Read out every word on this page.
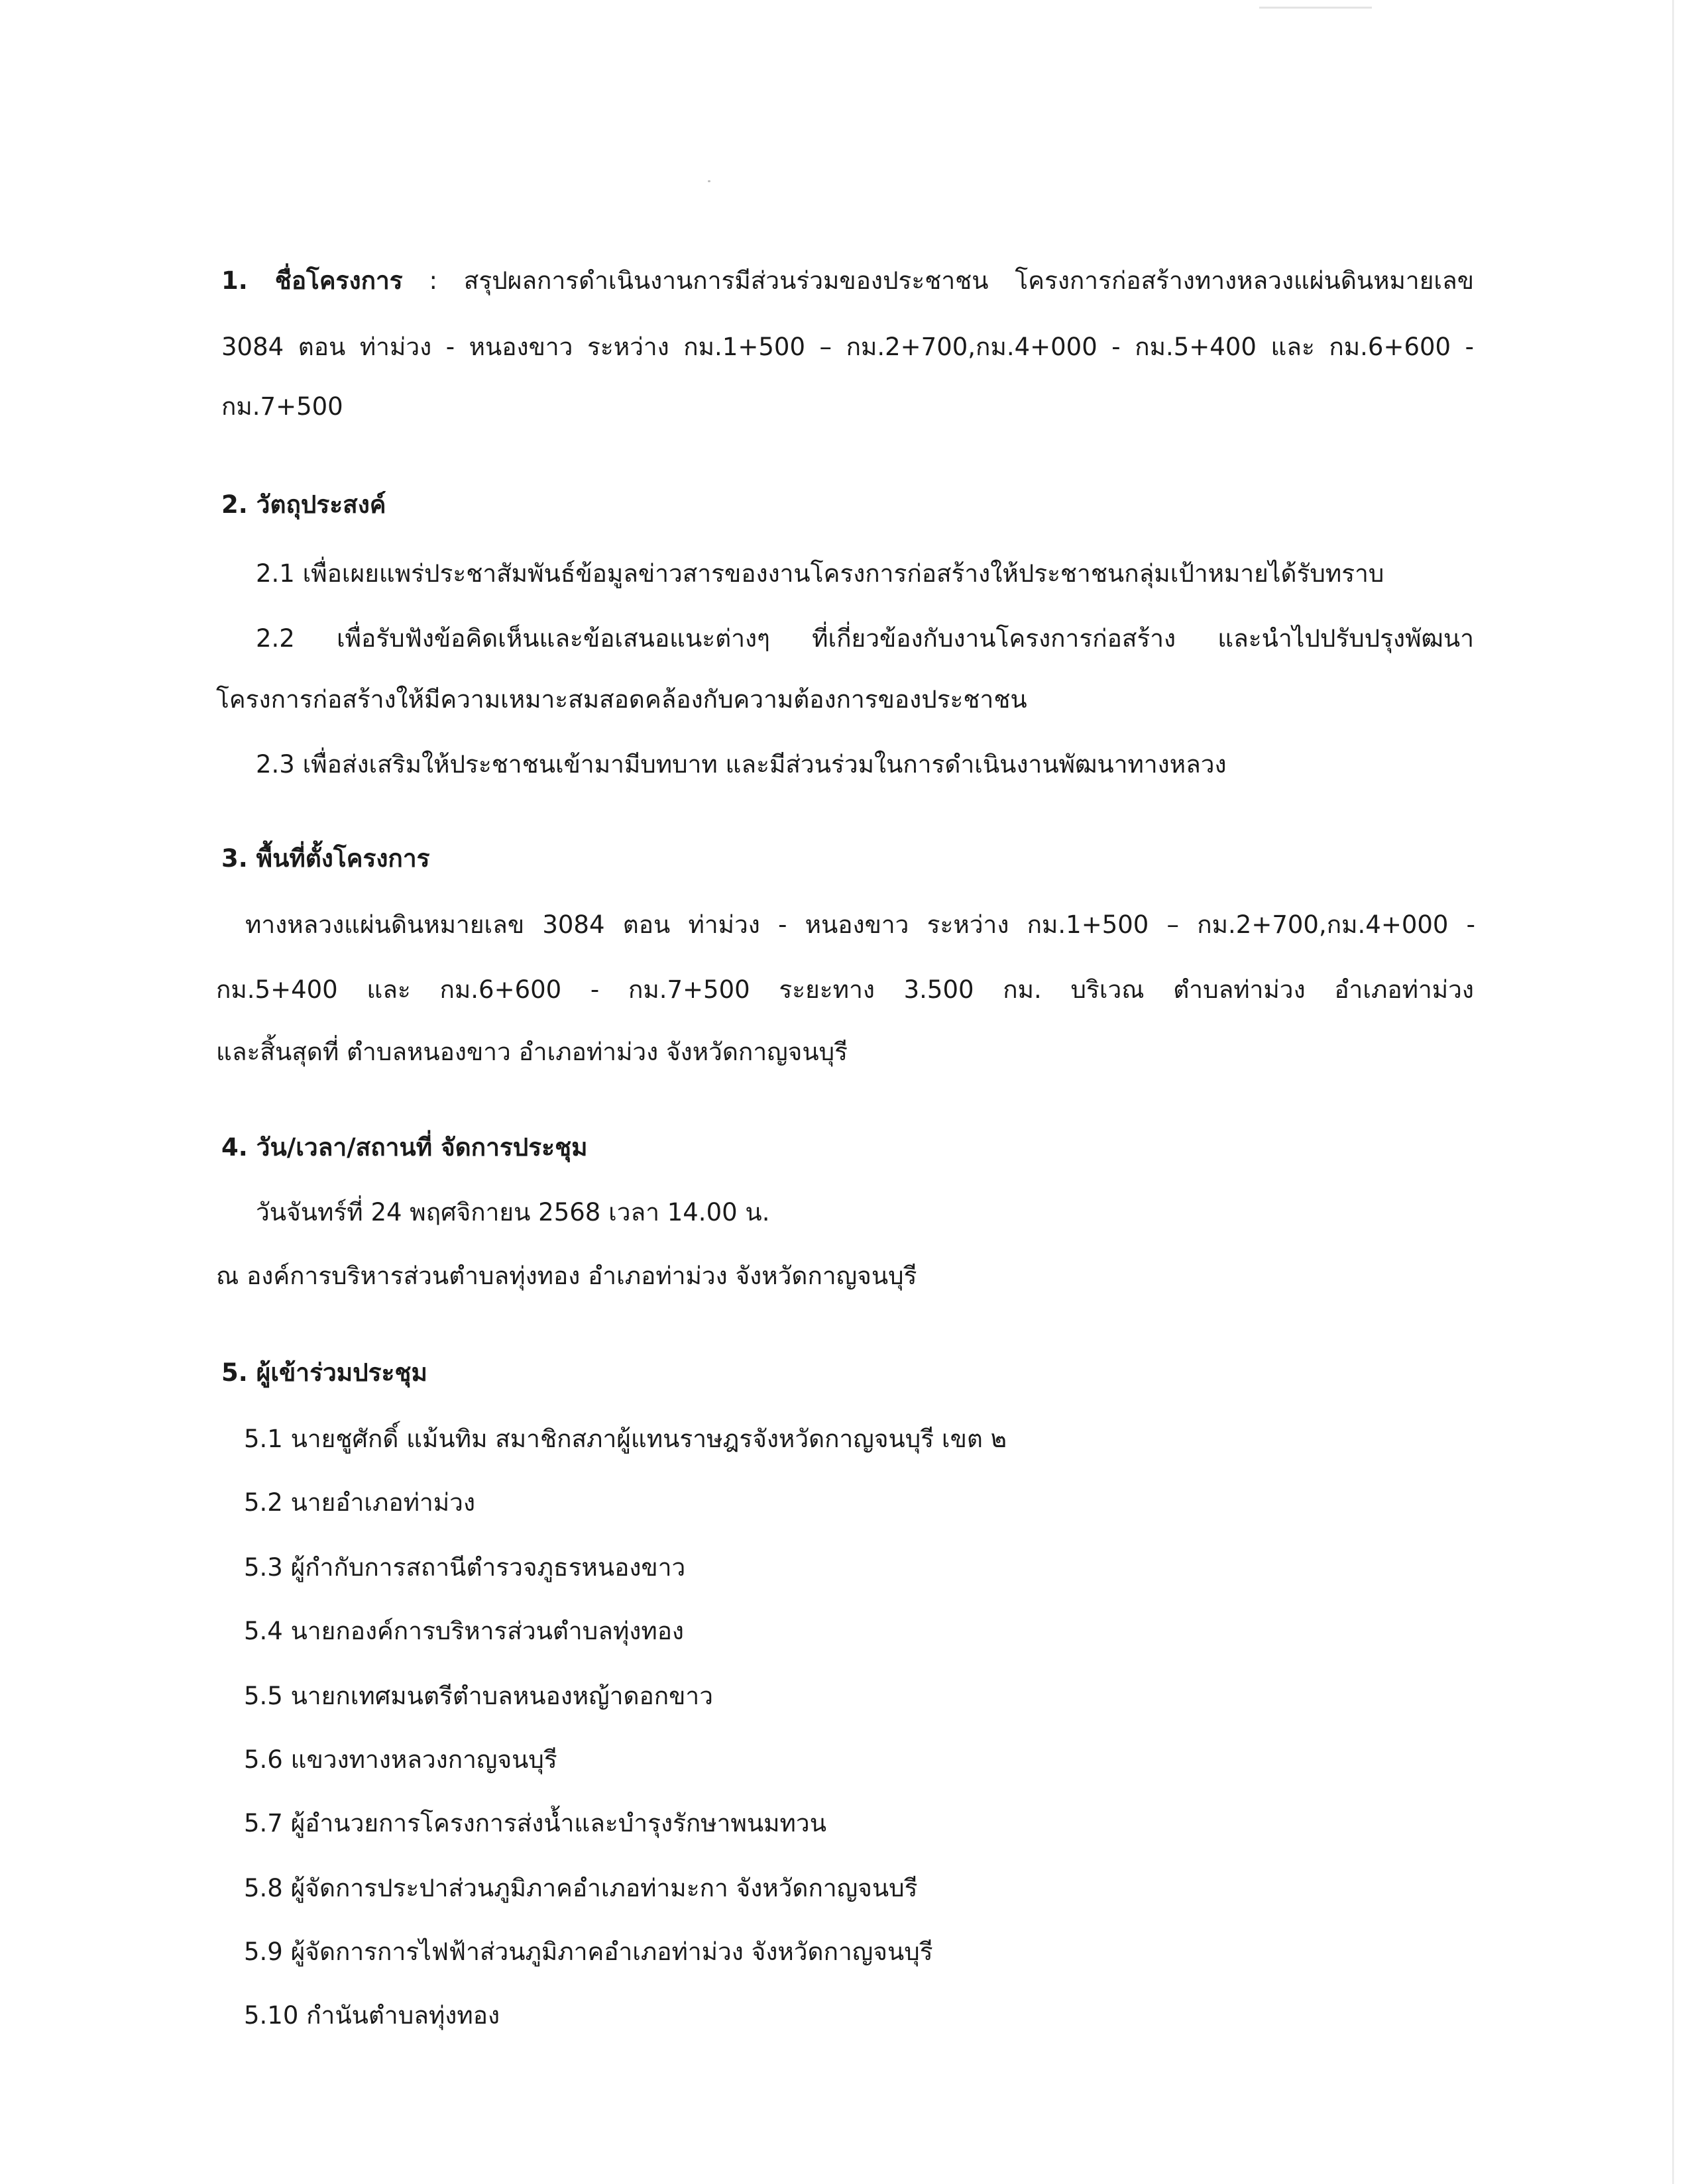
1. ชื่อโครงการ : สรุปผลการดำเนินงานการมีส่วนร่วมของประชาชน โครงการก่อสร้างทางหลวงแผ่นดินหมายเลข
3084 ตอน ท่าม่วง - หนองขาว ระหว่าง กม.1+500 – กม.2+700,กม.4+000 - กม.5+400 และ กม.6+600 -
กม.7+500
2. วัตถุประสงค์
2.1 เพื่อเผยแพร่ประชาสัมพันธ์ข้อมูลข่าวสารของงานโครงการก่อสร้างให้ประชาชนกลุ่มเป้าหมายได้รับทราบ
2.2 เพื่อรับฟังข้อคิดเห็นและข้อเสนอแนะต่างๆ ที่เกี่ยวข้องกับงานโครงการก่อสร้าง และนำไปปรับปรุงพัฒนา
โครงการก่อสร้างให้มีความเหมาะสมสอดคล้องกับความต้องการของประชาชน
2.3 เพื่อส่งเสริมให้ประชาชนเข้ามามีบทบาท และมีส่วนร่วมในการดำเนินงานพัฒนาทางหลวง
3. พื้นที่ตั้งโครงการ
ทางหลวงแผ่นดินหมายเลข 3084 ตอน ท่าม่วง - หนองขาว ระหว่าง กม.1+500 – กม.2+700,กม.4+000 -
กม.5+400 และ กม.6+600 - กม.7+500 ระยะทาง 3.500 กม. บริเวณ ตำบลท่าม่วง อำเภอท่าม่วง
และสิ้นสุดที่ ตำบลหนองขาว อำเภอท่าม่วง จังหวัดกาญจนบุรี
4. วัน/เวลา/สถานที่ จัดการประชุม
วันจันทร์ที่ 24 พฤศจิกายน 2568 เวลา 14.00 น.
ณ องค์การบริหารส่วนตำบลทุ่งทอง อำเภอท่าม่วง จังหวัดกาญจนบุรี
5. ผู้เข้าร่วมประชุม
5.1 นายชูศักดิ์ แม้นทิม สมาชิกสภาผู้แทนราษฎรจังหวัดกาญจนบุรี เขต ๒
5.2 นายอำเภอท่าม่วง
5.3 ผู้กำกับการสถานีตำรวจภูธรหนองขาว
5.4 นายกองค์การบริหารส่วนตำบลทุ่งทอง
5.5 นายกเทศมนตรีตำบลหนองหญ้าดอกขาว
5.6 แขวงทางหลวงกาญจนบุรี
5.7 ผู้อำนวยการโครงการส่งน้ำและบำรุงรักษาพนมทวน
5.8 ผู้จัดการประปาส่วนภูมิภาคอำเภอท่ามะกา จังหวัดกาญจนบรี
5.9 ผู้จัดการการไฟฟ้าส่วนภูมิภาคอำเภอท่าม่วง จังหวัดกาญจนบุรี
5.10 กำนันตำบลทุ่งทอง
